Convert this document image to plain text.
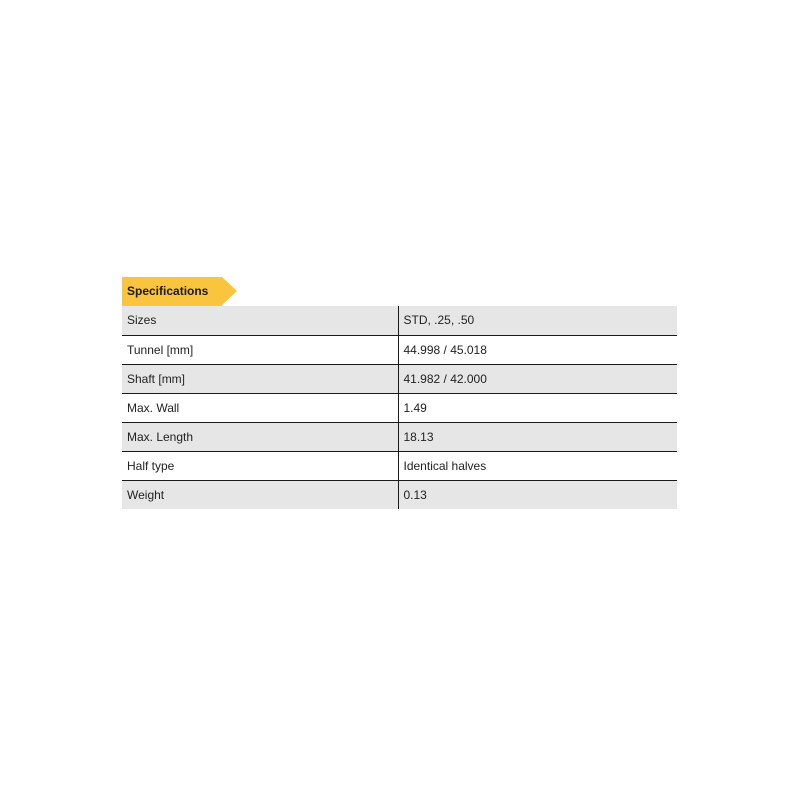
Specifications
Sizes	STD, .25, .50
Tunnel [mm]	44.998 / 45.018
Shaft [mm]	41.982 / 42.000
Max. Wall	1.49
Max. Length	18.13
Half type	Identical halves
Weight	0.13
